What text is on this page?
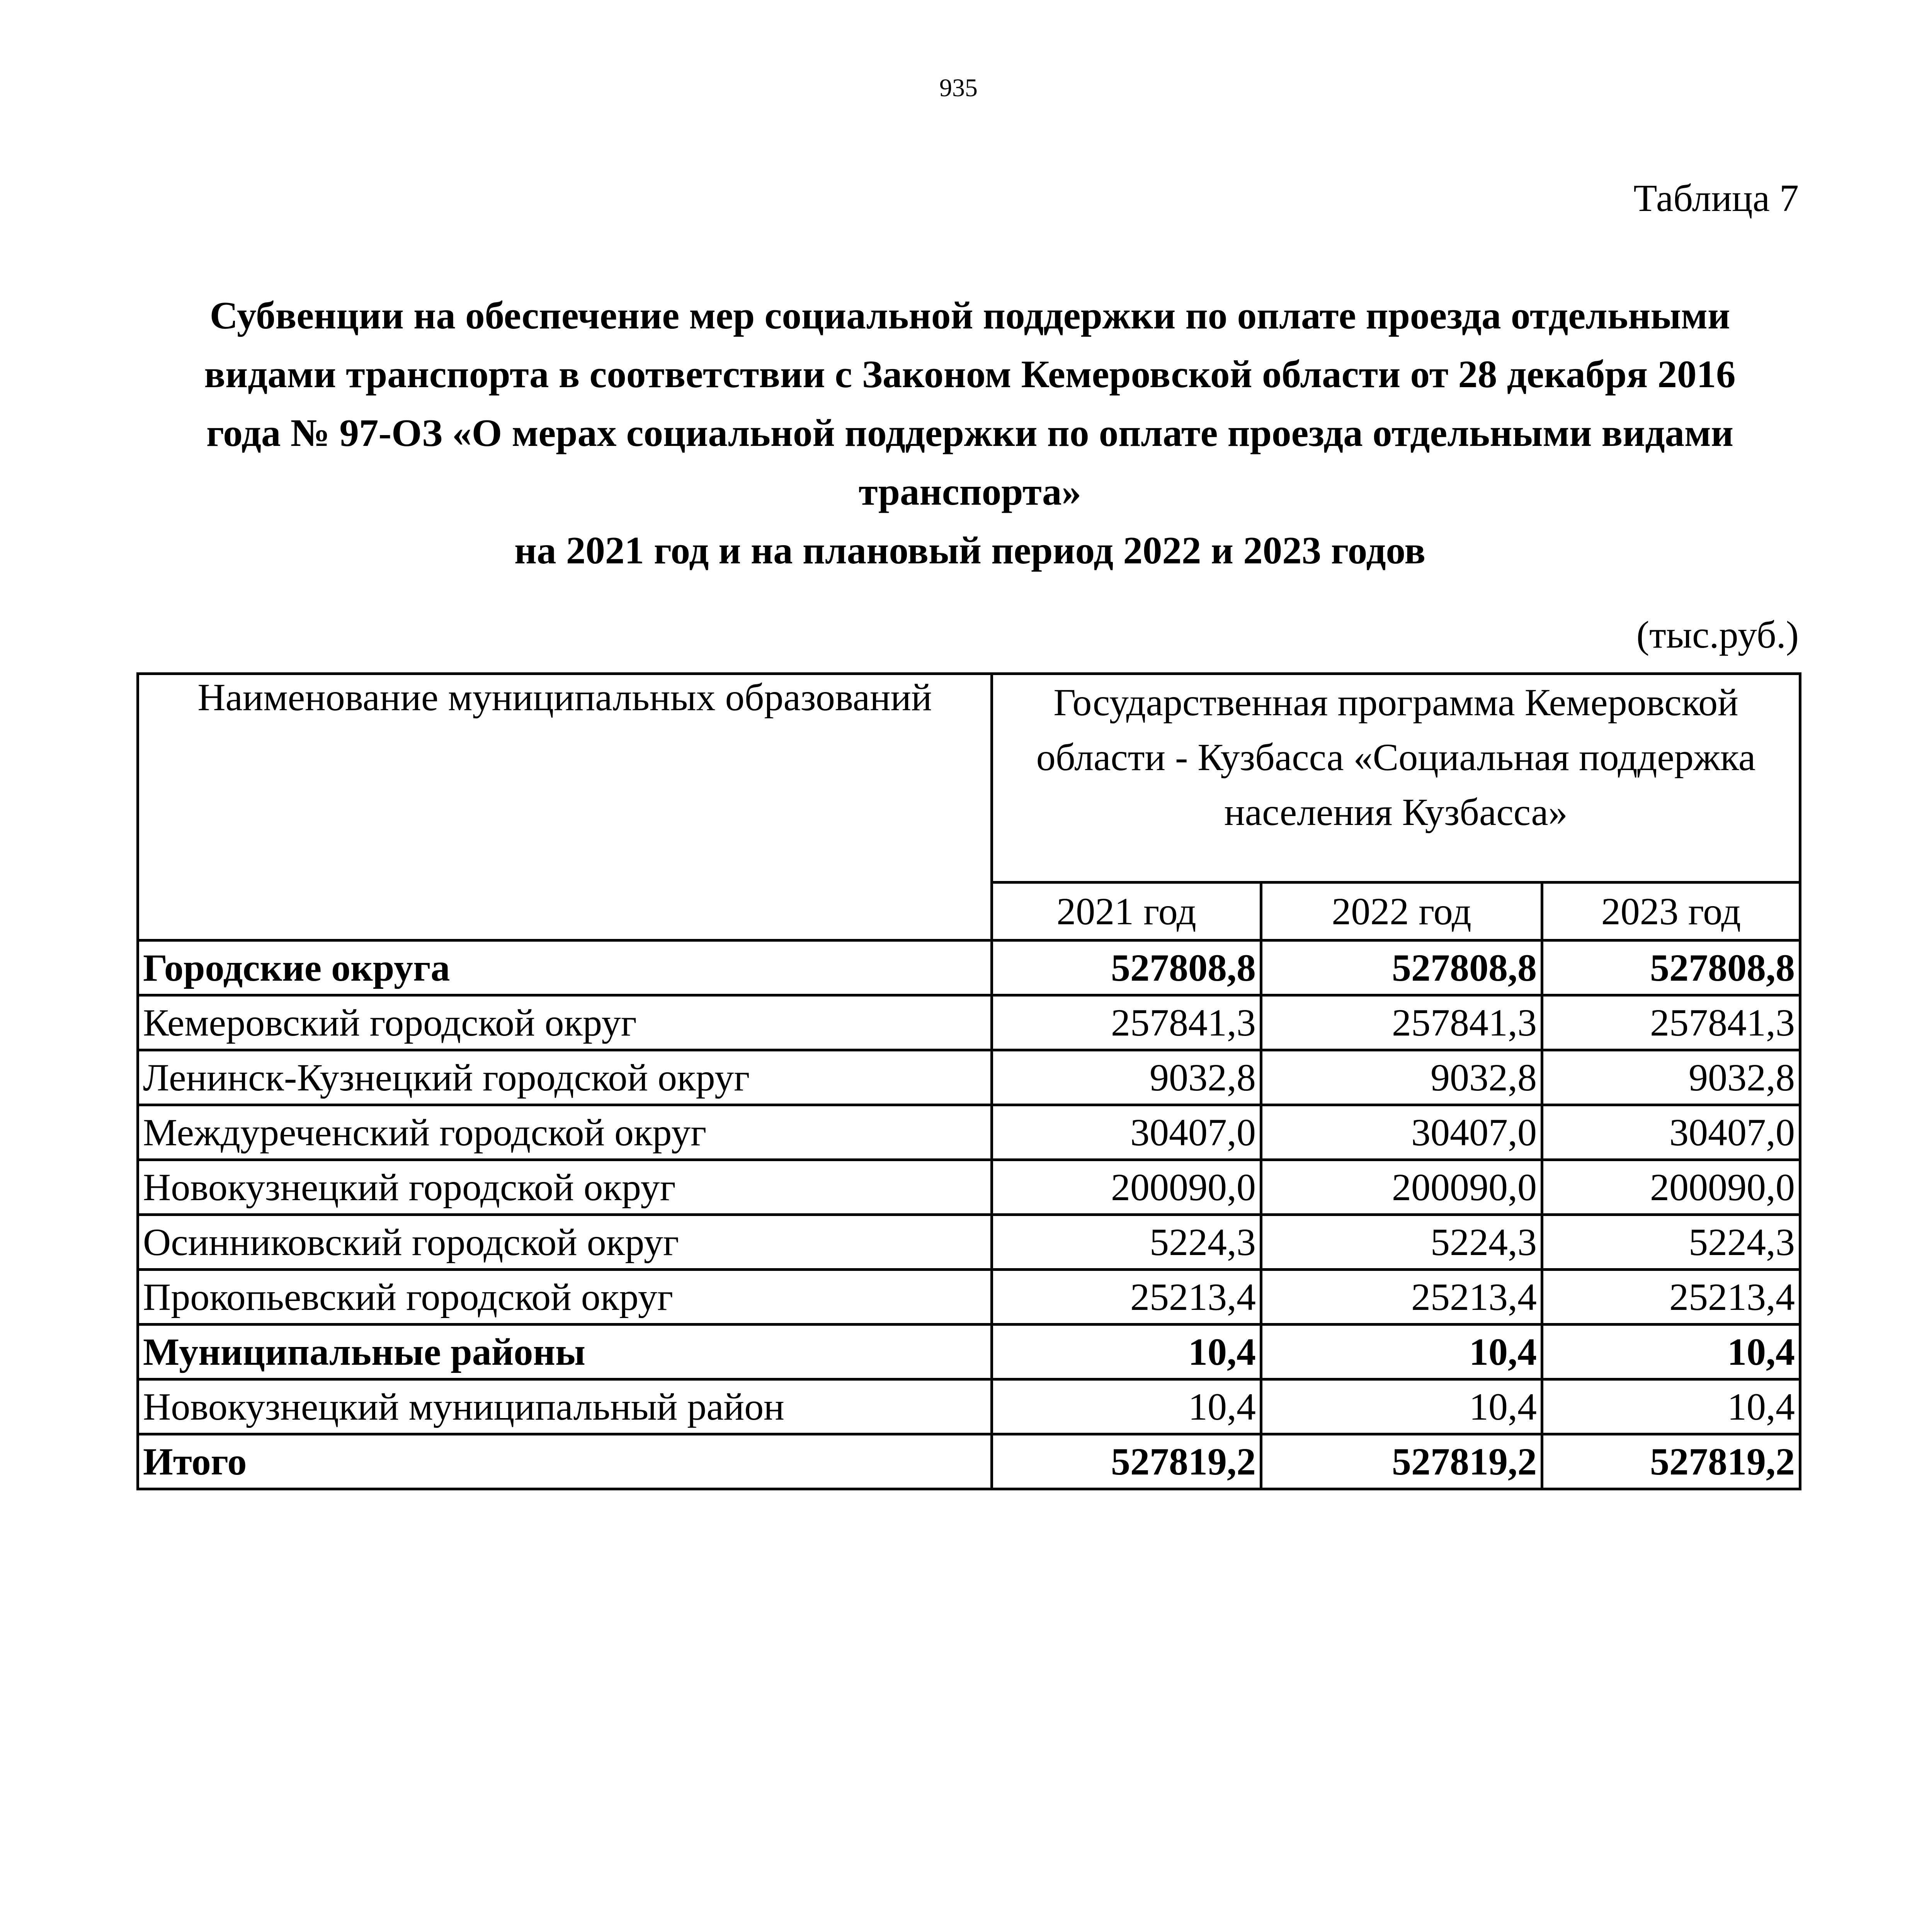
935
Таблица 7
Субвенции на обеспечение мер социальной поддержки по оплате проезда отдельными
видами транспорта в соответствии с Законом Кемеровской области от 28 декабря 2016
года № 97-ОЗ «О мерах социальной поддержки по оплате проезда отдельными видами
транспорта»
на 2021 год и на плановый период 2022 и 2023 годов
(тыс.руб.)
Наименование муниципальных образований	Государственная программа Кемеровской области - Кузбасса «Социальная поддержка населения Кузбасса»		
	2021 год	2022 год	2023 год
Городские округа	527808,8	527808,8	527808,8
Кемеровский городской округ	257841,3	257841,3	257841,3
Ленинск-Кузнецкий городской округ	9032,8	9032,8	9032,8
Междуреченский городской округ	30407,0	30407,0	30407,0
Новокузнецкий городской округ	200090,0	200090,0	200090,0
Осинниковский городской округ	5224,3	5224,3	5224,3
Прокопьевский городской округ	25213,4	25213,4	25213,4
Муниципальные районы	10,4	10,4	10,4
Новокузнецкий муниципальный район	10,4	10,4	10,4
Итого	527819,2	527819,2	527819,2
